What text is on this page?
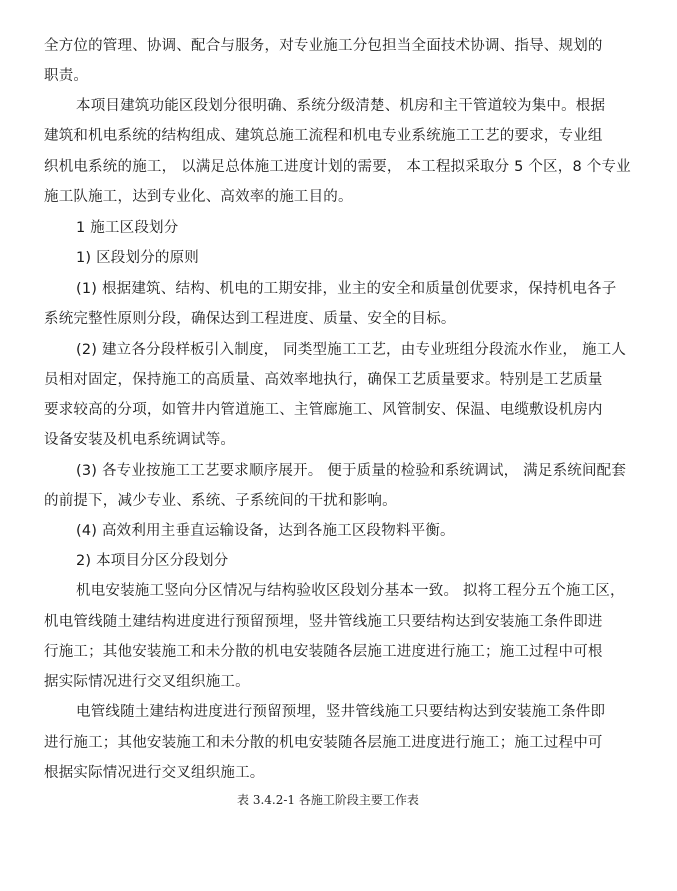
全方位的管理、协调、配合与服务，对专业施工分包担当全面技术协调、指导、规划的
职责。
本项目建筑功能区段划分很明确、系统分级清楚、机房和主干管道较为集中。根据
建筑和机电系统的结构组成、建筑总施工流程和机电专业系统施工工艺的要求，专业组
织机电系统的施工， 以满足总体施工进度计划的需要， 本工程拟采取分 5 个区，8 个专业
施工队施工，达到专业化、高效率的施工目的。
1 施工区段划分
1) 区段划分的原则
(1) 根据建筑、结构、机电的工期安排，业主的安全和质量创优要求，保持机电各子
系统完整性原则分段，确保达到工程进度、质量、安全的目标。
(2) 建立各分段样板引入制度， 同类型施工工艺，由专业班组分段流水作业， 施工人
员相对固定，保持施工的高质量、高效率地执行，确保工艺质量要求。特别是工艺质量
要求较高的分项，如管井内管道施工、主管廊施工、风管制安、保温、电缆敷设机房内
设备安装及机电系统调试等。
(3) 各专业按施工工艺要求顺序展开。 便于质量的检验和系统调试， 满足系统间配套
的前提下，减少专业、系统、子系统间的干扰和影响。
(4) 高效利用主垂直运输设备，达到各施工区段物料平衡。
2) 本项目分区分段划分
机电安装施工竖向分区情况与结构验收区段划分基本一致。 拟将工程分五个施工区，
机电管线随土建结构进度进行预留预埋，竖井管线施工只要结构达到安装施工条件即进
行施工；其他安装施工和未分散的机电安装随各层施工进度进行施工；施工过程中可根
据实际情况进行交叉组织施工。
电管线随土建结构进度进行预留预埋，竖井管线施工只要结构达到安装施工条件即
进行施工；其他安装施工和未分散的机电安装随各层施工进度进行施工；施工过程中可
根据实际情况进行交叉组织施工。
表 3.4.2-1 各施工阶段主要工作表
